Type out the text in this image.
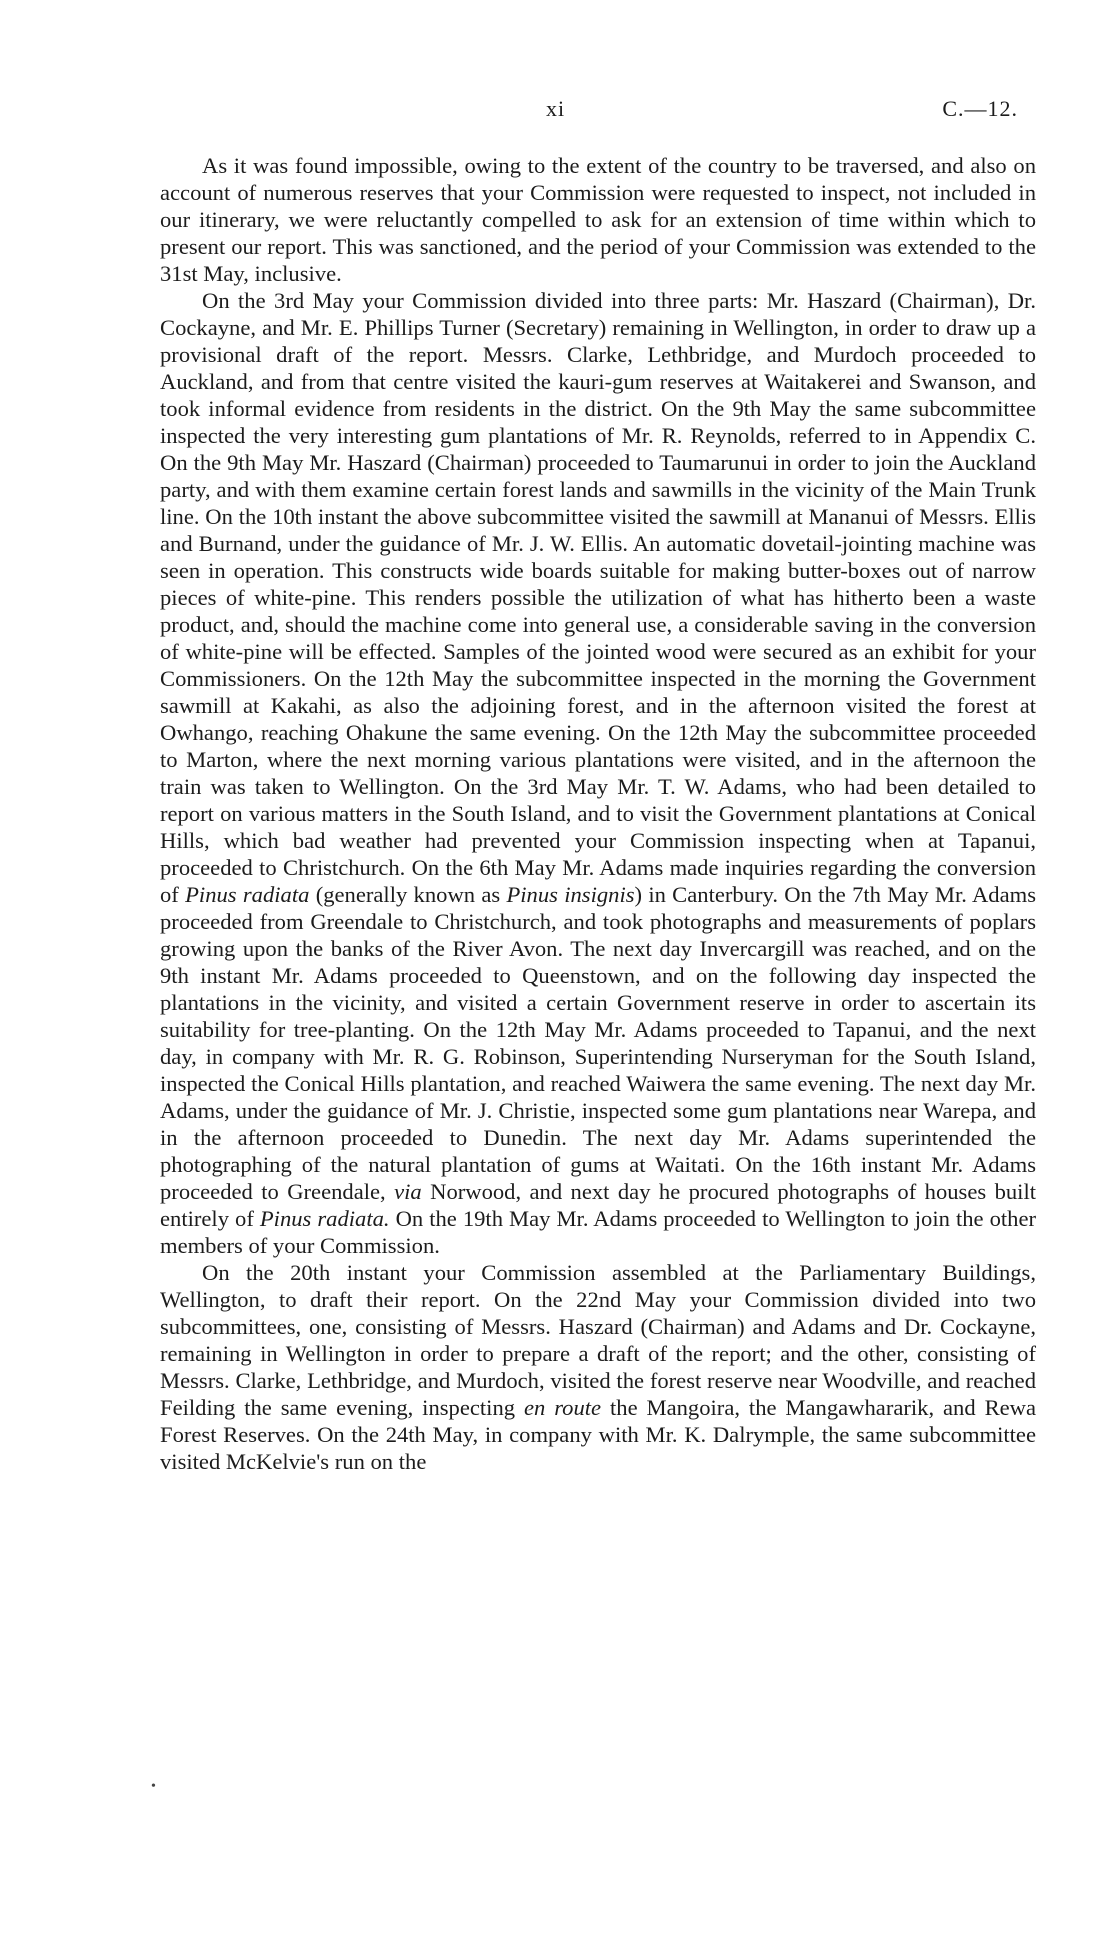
xi	C.—12.

As it was found impossible, owing to the extent of the country to be traversed, and also on account of numerous reserves that your Commission were requested to inspect, not included in our itinerary, we were reluctantly compelled to ask for an extension of time within which to present our report. This was sanctioned, and the period of your Commission was extended to the 31st May, inclusive.

On the 3rd May your Commission divided into three parts: Mr. Haszard (Chairman), Dr. Cockayne, and Mr. E. Phillips Turner (Secretary) remaining in Wellington, in order to draw up a provisional draft of the report. Messrs. Clarke, Lethbridge, and Murdoch proceeded to Auckland, and from that centre visited the kauri-gum reserves at Waitakerei and Swanson, and took informal evidence from residents in the district. On the 9th May the same subcommittee inspected the very interesting gum plantations of Mr. R. Reynolds, referred to in Appendix C. On the 9th May Mr. Haszard (Chairman) proceeded to Taumarunui in order to join the Auckland party, and with them examine certain forest lands and sawmills in the vicinity of the Main Trunk line. On the 10th instant the above subcommittee visited the sawmill at Mananui of Messrs. Ellis and Burnand, under the guidance of Mr. J. W. Ellis. An automatic dovetail-jointing machine was seen in operation. This constructs wide boards suitable for making butter-boxes out of narrow pieces of white-pine. This renders possible the utilization of what has hitherto been a waste product, and, should the machine come into general use, a considerable saving in the conversion of white-pine will be effected. Samples of the jointed wood were secured as an exhibit for your Commissioners. On the 12th May the subcommittee inspected in the morning the Government sawmill at Kakahi, as also the adjoining forest, and in the afternoon visited the forest at Owhango, reaching Ohakune the same evening. On the 12th May the subcommittee proceeded to Marton, where the next morning various plantations were visited, and in the afternoon the train was taken to Wellington. On the 3rd May Mr. T. W. Adams, who had been detailed to report on various matters in the South Island, and to visit the Government plantations at Conical Hills, which bad weather had prevented your Commission inspecting when at Tapanui, proceeded to Christchurch. On the 6th May Mr. Adams made inquiries regarding the conversion of Pinus radiata (generally known as Pinus insignis) in Canterbury. On the 7th May Mr. Adams proceeded from Greendale to Christchurch, and took photographs and measurements of poplars growing upon the banks of the River Avon. The next day Invercargill was reached, and on the 9th instant Mr. Adams proceeded to Queenstown, and on the following day inspected the plantations in the vicinity, and visited a certain Government reserve in order to ascertain its suitability for tree-planting. On the 12th May Mr. Adams proceeded to Tapanui, and the next day, in company with Mr. R. G. Robinson, Superintending Nurseryman for the South Island, inspected the Conical Hills plantation, and reached Waiwera the same evening. The next day Mr. Adams, under the guidance of Mr. J. Christie, inspected some gum plantations near Warepa, and in the afternoon proceeded to Dunedin. The next day Mr. Adams superintended the photographing of the natural plantation of gums at Waitati. On the 16th instant Mr. Adams proceeded to Greendale, via Norwood, and next day he procured photographs of houses built entirely of Pinus radiata. On the 19th May Mr. Adams proceeded to Wellington to join the other members of your Commission.

On the 20th instant your Commission assembled at the Parliamentary Buildings, Wellington, to draft their report. On the 22nd May your Commission divided into two subcommittees, one, consisting of Messrs. Haszard (Chairman) and Adams and Dr. Cockayne, remaining in Wellington in order to prepare a draft of the report; and the other, consisting of Messrs. Clarke, Lethbridge, and Murdoch, visited the forest reserve near Woodville, and reached Feilding the same evening, inspecting en route the Mangoira, the Mangawhararik, and Rewa Forest Reserves. On the 24th May, in company with Mr. K. Dalrymple, the same subcommittee visited McKelvie's run on the

•
